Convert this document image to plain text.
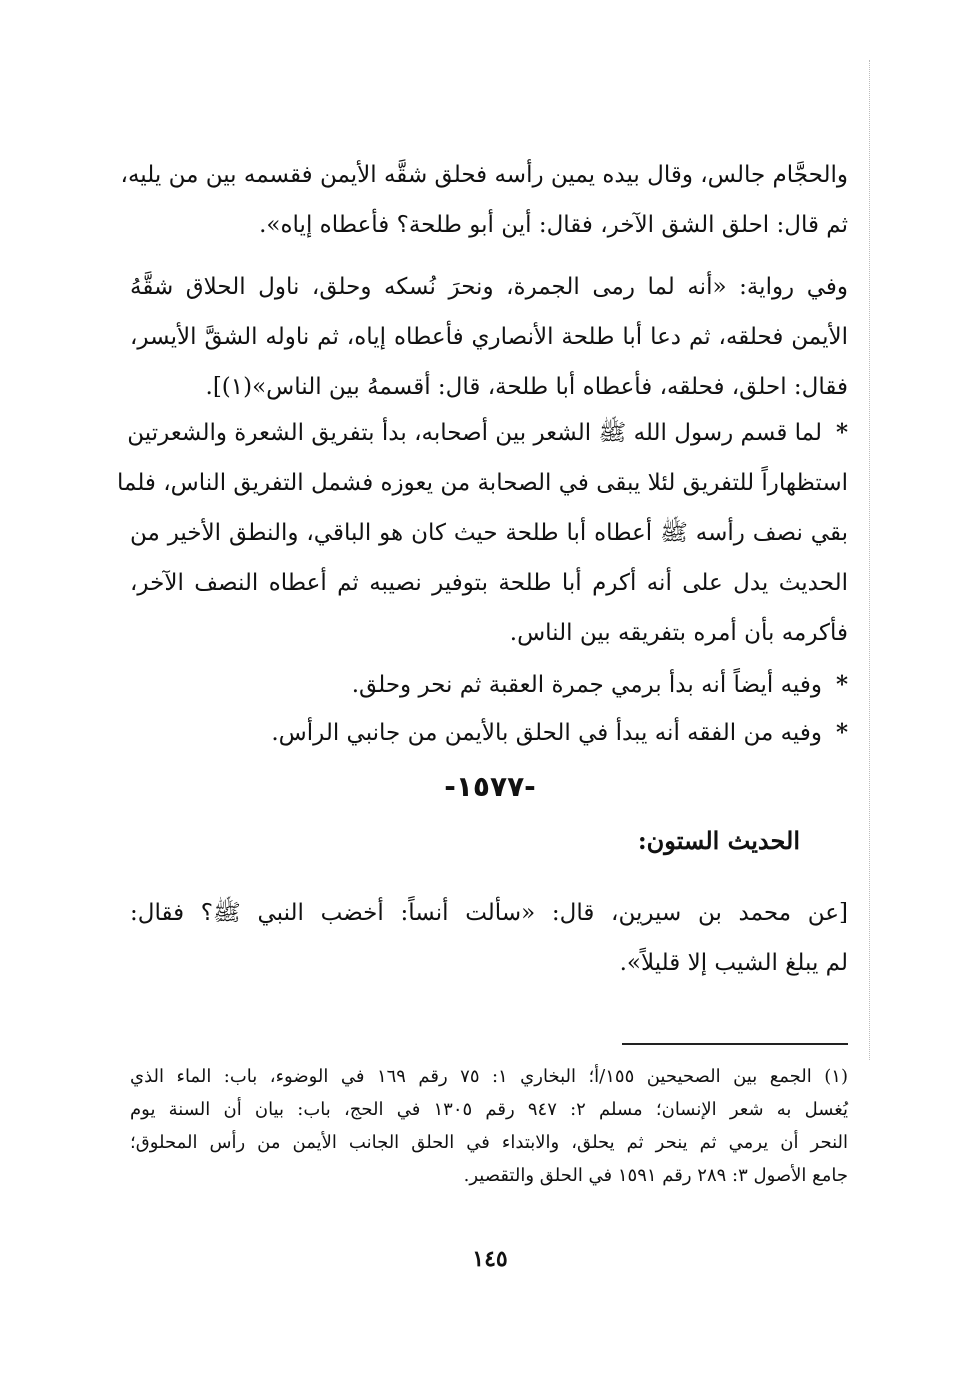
والحجَّام جالس، وقال بيده يمين رأسه فحلق شقَّه الأيمن فقسمه بين من يليه،
ثم قال: احلق الشق الآخر، فقال: أين أبو طلحة؟ فأعطاه إياه».
وفي رواية: «أنه لما رمى الجمرة، ونحرَ نُسكه وحلق، ناول الحلاق شقَّهُ
الأيمن فحلقه، ثم دعا أبا طلحة الأنصاري فأعطاه إياه، ثم ناوله الشقَّ الأيسر،
فقال: احلق، فحلقه، فأعطاه أبا طلحة، قال: أقسمهُ بين الناس»(١)].
*لما قسم رسول الله ﷺ الشعر بين أصحابه، بدأ بتفريق الشعرة والشعرتين
استظهاراً للتفريق لئلا يبقى في الصحابة من يعوزه فشمل التفريق الناس، فلما
بقي نصف رأسه ﷺ أعطاه أبا طلحة حيث كان هو الباقي، والنطق الأخير من
الحديث يدل على أنه أكرم أبا طلحة بتوفير نصيبه ثم أعطاه النصف الآخر،
فأكرمه بأن أمره بتفريقه بين الناس.
*وفيه أيضاً أنه بدأ برمي جمرة العقبة ثم نحر وحلق.
*وفيه من الفقه أنه يبدأ في الحلق بالأيمن من جانبي الرأس.
-١٥٧٧-
الحديث الستون:
[عن محمد بن سيرين، قال: «سألت أنساً: أخضب النبي ﷺ؟ فقال:
لم يبلغ الشيب إلا قليلاً».
(١) الجمع بين الصحيحين ١٥٥/أ؛ البخاري ١: ٧٥ رقم ١٦٩ في الوضوء، باب: الماء الذي
يُغسل به شعر الإنسان؛ مسلم ٢: ٩٤٧ رقم ١٣٠٥ في الحج، باب: بيان أن السنة يوم
النحر أن يرمي ثم ينحر ثم يحلق، والابتداء في الحلق الجانب الأيمن من رأس المحلوق؛
جامع الأصول ٣: ٢٨٩ رقم ١٥٩١ في الحلق والتقصير.
١٤٥
